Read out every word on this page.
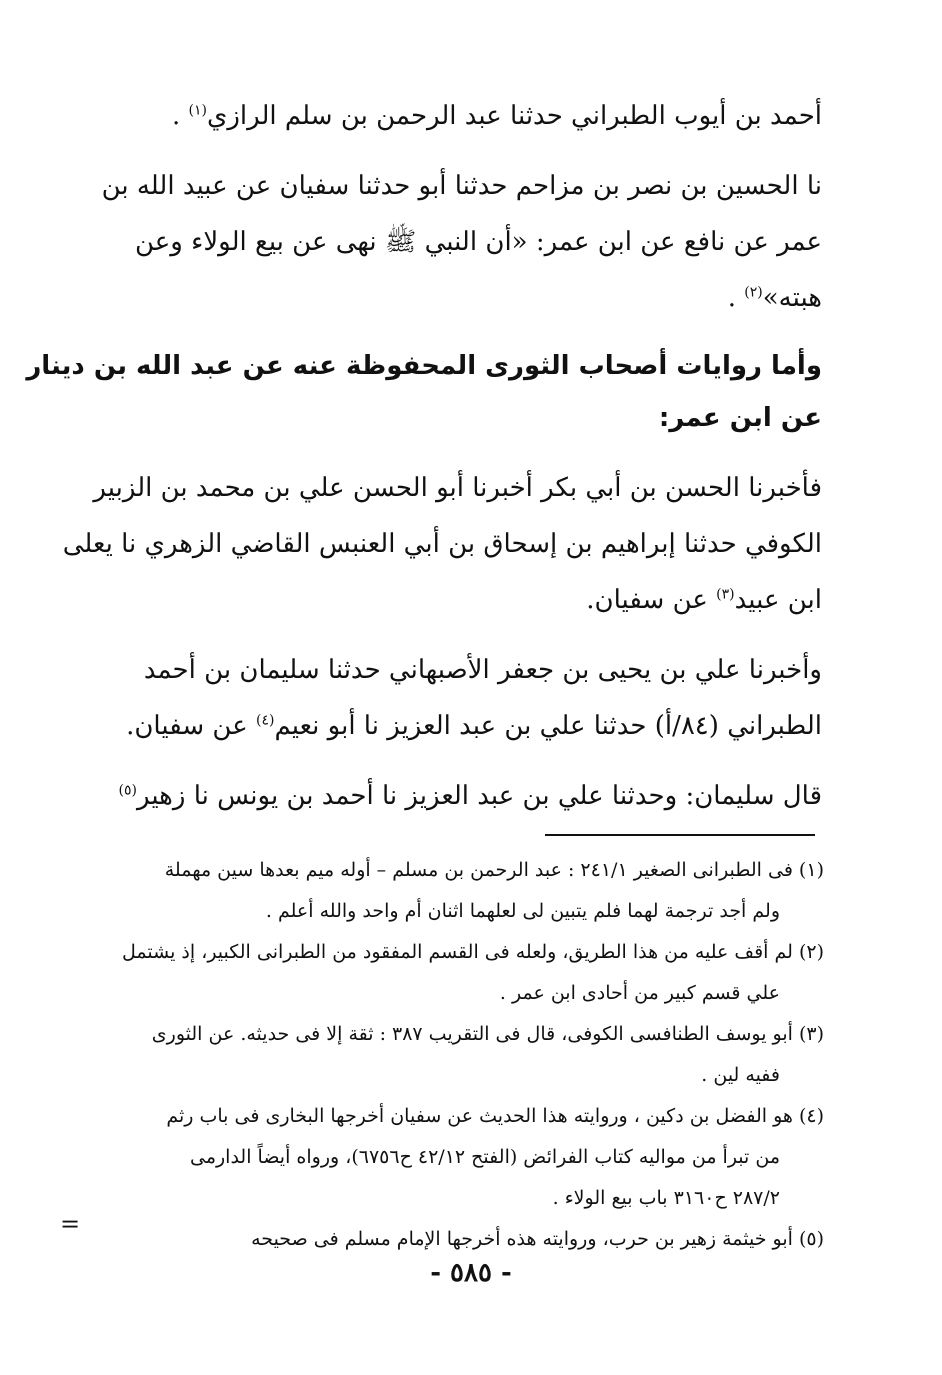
أحمد بن أيوب الطبراني حدثنا عبد الرحمن بن سلم الرازي$^{(١)}$ .

نا الحسين بن نصر بن مزاحم حدثنا أبو حدثنا سفيان عن عبيد الله بن
عمر عن نافع عن ابن عمر: «أن النبي ﷺ نهى عن بيع الولاء وعن
هبته»$^{(٢)}$ .

وأما روايات أصحاب الثورى المحفوظة عنه عن عبد الله بن دينار
عن ابن عمر:

فأخبرنا الحسن بن أبي بكر أخبرنا أبو الحسن علي بن محمد بن الزبير
الكوفي حدثنا إبراهيم بن إسحاق بن أبي العنبس القاضي الزهري نا يعلى
ابن عبيد$^{(٣)}$ عن سفيان.

وأخبرنا علي بن يحيى بن جعفر الأصبهاني حدثنا سليمان بن أحمد
الطبراني (٨٤/أ) حدثنا علي بن عبد العزيز نا أبو نعيم$^{(٤)}$ عن سفيان.

قال سليمان: وحدثنا علي بن عبد العزيز نا أحمد بن يونس نا زهير$^{(٥)}$

(١) فى الطبرانى الصغير ٢٤١/١ : عبد الرحمن بن مسلم – أوله ميم بعدها سين مهملة
ولم أجد ترجمة لهما فلم يتبين لى لعلهما اثنان أم واحد والله أعلم .

(٢) لم أقف عليه من هذا الطريق، ولعله فى القسم المفقود من الطبرانى الكبير، إذ يشتمل
علي قسم كبير من أحادى ابن عمر .

(٣) أبو يوسف الطنافسى الكوفى، قال فى التقريب ٣٨٧ : ثقة إلا فى حديثه. عن الثورى
ففيه لين .

(٤) هو الفضل بن دكين ، وروايته هذا الحديث عن سفيان أخرجها البخارى فى باب رثم
من تبرأ من مواليه كتاب الفرائض (الفتح ٤٢/١٢ ح٦٧٥٦)، ورواه أيضاً الدارمى
٢٨٧/٢ ح٣١٦٠ باب بيع الولاء .

(٥) أبو خيثمة زهير بن حرب، وروايته هذه أخرجها الإمام مسلم فى صحيحه

=
- ٥٨٥ -
